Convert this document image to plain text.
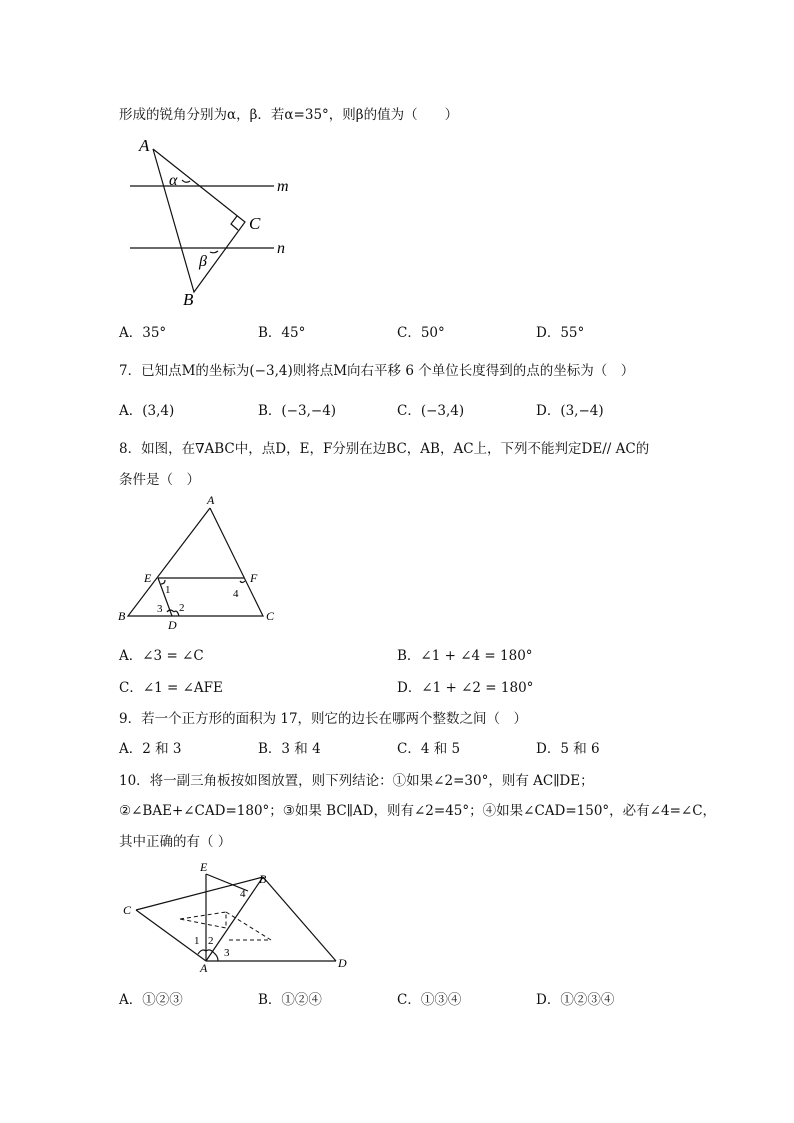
形成的锐角分别为α，β．若α=35°，则β的值为（　　）
A
B
C
m
n
α
β
A．35°	B．45°	C．50°	D．55°
7．已知点M的坐标为(−3,4)则将点M向右平移 6 个单位长度得到的点的坐标为（　）
A．(3,4)	B．(−3,−4)	C．(−3,4)	D．(3,−4)
8．如图，在∇ABC中，点D，E，F分别在边BC，AB，AC上，下列不能判定DE// AC的
条件是（　）
A
B	C
D
E	F
1
2
3
4
A．∠3 = ∠C	B．∠1 + ∠4 = 180°
C．∠1 = ∠AFE	D．∠1 + ∠2 = 180°
9．若一个正方形的面积为 17，则它的边长在哪两个整数之间（　）
A．2 和 3	B．3 和 4	C．4 和 5	D．5 和 6
10．将一副三角板按如图放置，则下列结论：①如果∠2=30°，则有 AC∥DE；
②∠BAE+∠CAD=180°；③如果 BC∥AD，则有∠2=45°；④如果∠CAD=150°，必有∠4=∠C，
其中正确的有（ ）
E
B
C
A	D
1 2
3
4
A．①②③	B．①②④	C．①③④	D．①②③④
